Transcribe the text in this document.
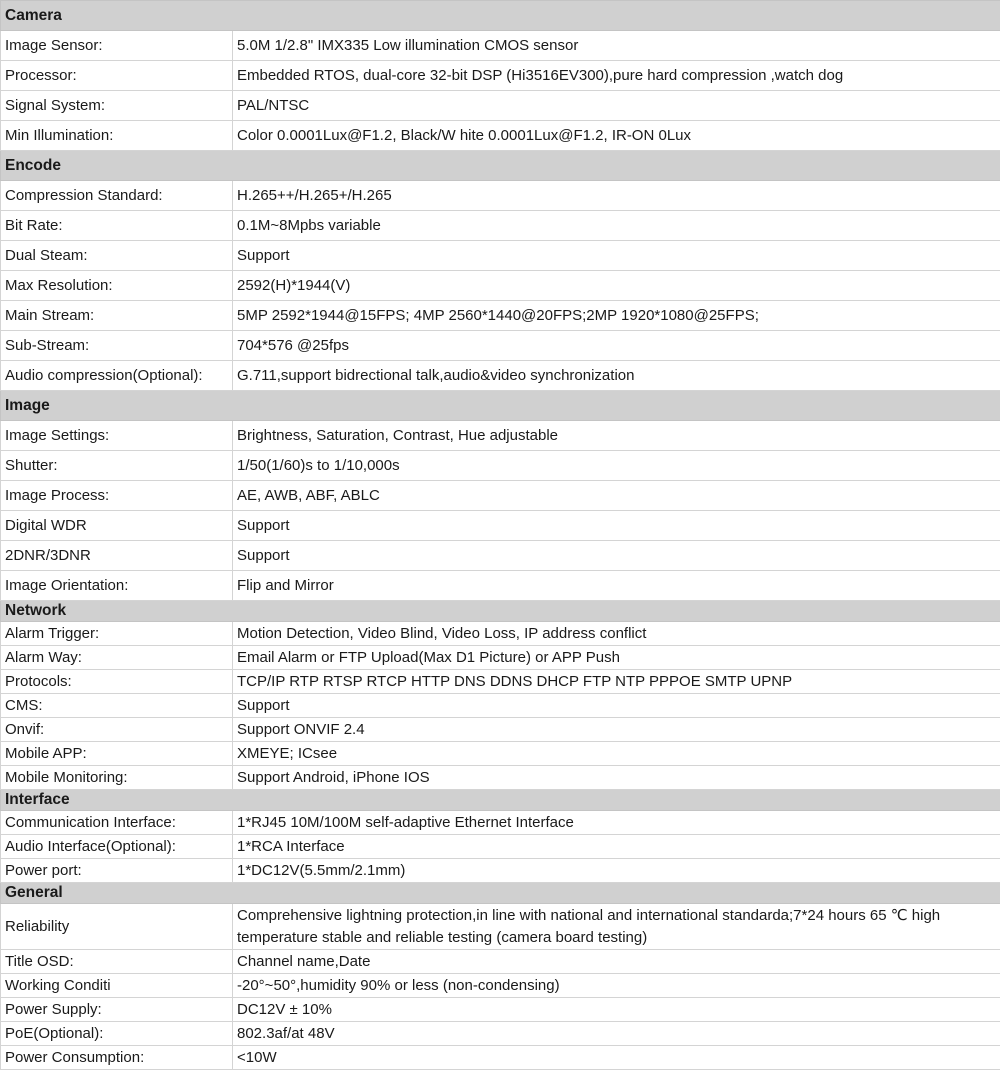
Camera	
Image Sensor:	5.0M 1/2.8" IMX335 Low illumination CMOS sensor
Processor:	Embedded RTOS, dual-core 32-bit DSP (Hi3516EV300),pure hard compression ,watch dog
Signal System:	PAL/NTSC
Min Illumination:	Color 0.0001Lux@F1.2, Black/W hite 0.0001Lux@F1.2, IR-ON 0Lux
Encode	
Compression Standard:	H.265++/H.265+/H.265
Bit Rate:	0.1M~8Mpbs variable
Dual Steam:	Support
Max Resolution:	2592(H)*1944(V)
Main Stream:	5MP 2592*1944@15FPS; 4MP 2560*1440@20FPS;2MP 1920*1080@25FPS;
Sub-Stream:	704*576 @25fps
Audio compression(Optional):	G.711,support bidrectional talk,audio&video synchronization
Image	
Image Settings:	Brightness, Saturation, Contrast, Hue adjustable
Shutter:	1/50(1/60)s to 1/10,000s
Image Process:	AE, AWB, ABF, ABLC
Digital WDR	Support
2DNR/3DNR	Support
Image Orientation:	Flip and Mirror
Network	
Alarm Trigger:	Motion Detection, Video Blind, Video Loss, IP address conflict
Alarm Way:	Email Alarm or FTP Upload(Max D1 Picture) or APP Push
Protocols:	TCP/IP RTP RTSP RTCP HTTP DNS DDNS DHCP FTP NTP PPPOE SMTP UPNP
CMS:	Support
Onvif:	Support ONVIF 2.4
Mobile APP:	XMEYE; ICsee
Mobile Monitoring:	Support Android, iPhone IOS
Interface	
Communication Interface:	1*RJ45 10M/100M self-adaptive Ethernet Interface
Audio Interface(Optional):	1*RCA Interface
Power port:	1*DC12V(5.5mm/2.1mm)
General	
Reliability	Comprehensive lightning protection,in line with national and international standarda;7*24 hours 65 ℃ high temperature stable and reliable testing (camera board testing)
Title OSD:	Channel name,Date
Working Conditi	-20°~50°,humidity 90% or less (non-condensing)
Power Supply:	DC12V ± 10%
PoE(Optional):	802.3af/at 48V
Power Consumption:	<10W
